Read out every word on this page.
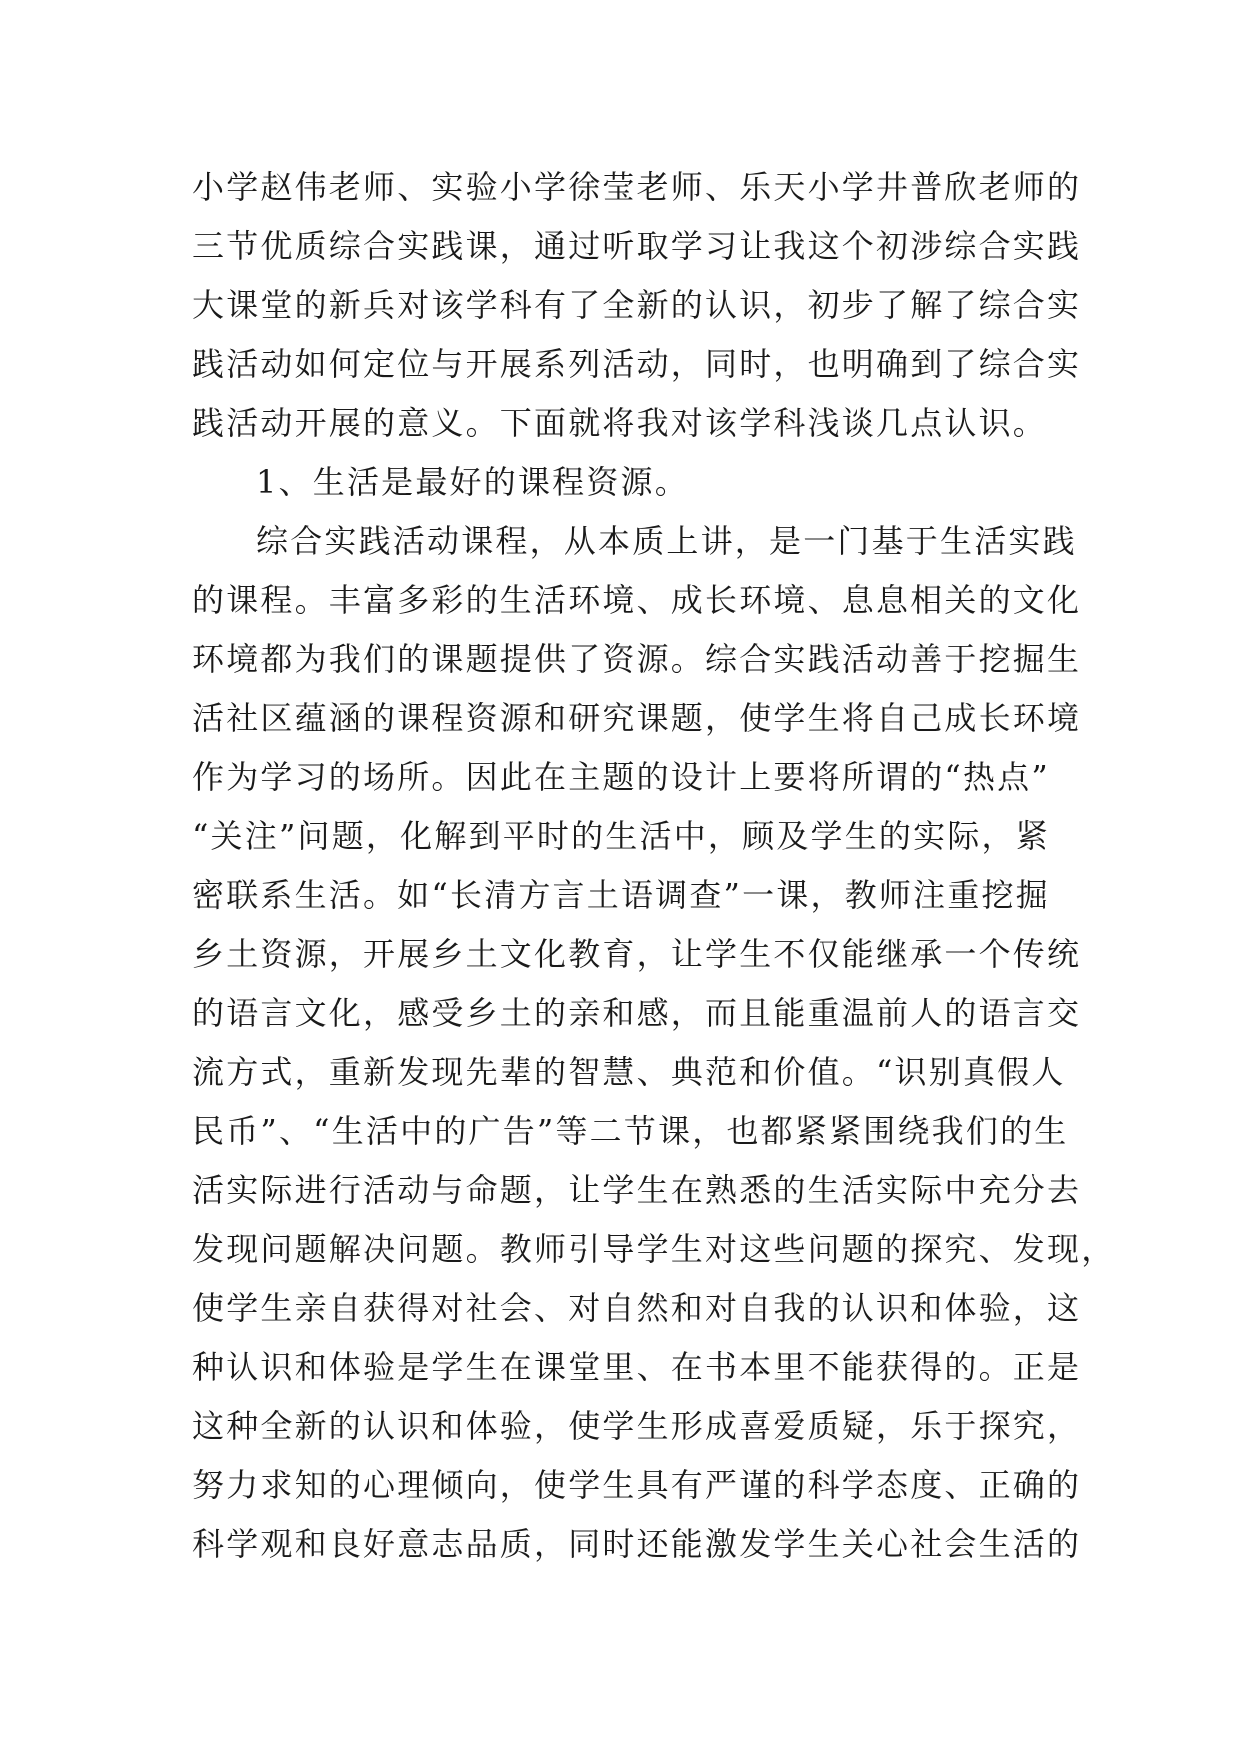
小学赵伟老师、实验小学徐莹老师、乐天小学井普欣老师的
三节优质综合实践课，通过听取学习让我这个初涉综合实践
大课堂的新兵对该学科有了全新的认识，初步了解了综合实
践活动如何定位与开展系列活动，同时，也明确到了综合实
践活动开展的意义。下面就将我对该学科浅谈几点认识。
1、生活是最好的课程资源。
综合实践活动课程，从本质上讲，是一门基于生活实践
的课程。丰富多彩的生活环境、成长环境、息息相关的文化
环境都为我们的课题提供了资源。综合实践活动善于挖掘生
活社区蕴涵的课程资源和研究课题，使学生将自己成长环境
作为学习的场所。因此在主题的设计上要将所谓的“热点”
“关注”问题，化解到平时的生活中，顾及学生的实际，紧
密联系生活。如“长清方言土语调查”一课，教师注重挖掘
乡土资源，开展乡土文化教育，让学生不仅能继承一个传统
的语言文化，感受乡土的亲和感，而且能重温前人的语言交
流方式，重新发现先辈的智慧、典范和价值。“识别真假人
民币”、“生活中的广告”等二节课，也都紧紧围绕我们的生
活实际进行活动与命题，让学生在熟悉的生活实际中充分去
发现问题解决问题。教师引导学生对这些问题的探究、发现，
使学生亲自获得对社会、对自然和对自我的认识和体验，这
种认识和体验是学生在课堂里、在书本里不能获得的。正是
这种全新的认识和体验，使学生形成喜爱质疑，乐于探究，
努力求知的心理倾向，使学生具有严谨的科学态度、正确的
科学观和良好意志品质，同时还能激发学生关心社会生活的
